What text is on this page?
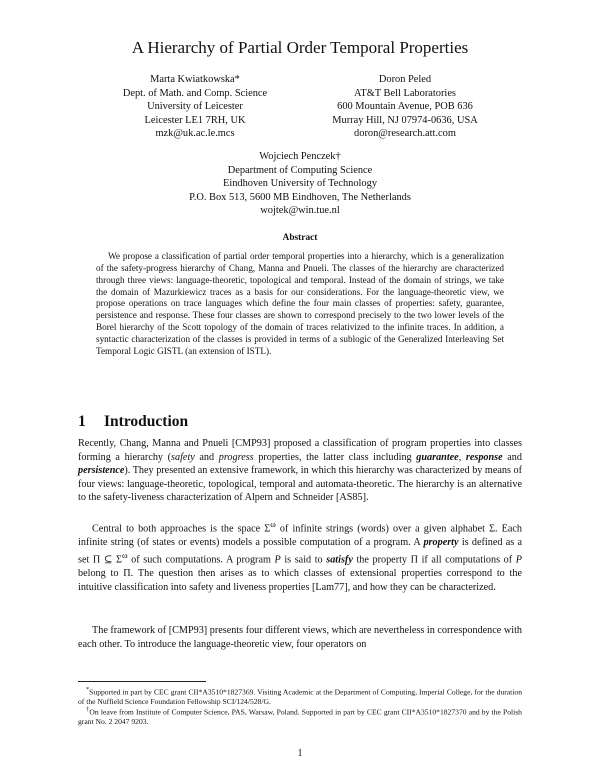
A Hierarchy of Partial Order Temporal Properties
Marta Kwiatkowska*
Dept. of Math. and Comp. Science
University of Leicester
Leicester LE1 7RH, UK
mzk@uk.ac.le.mcs
Doron Peled
AT&T Bell Laboratories
600 Mountain Avenue, POB 636
Murray Hill, NJ 07974-0636, USA
doron@research.att.com
Wojciech Penczek†
Department of Computing Science
Eindhoven University of Technology
P.O. Box 513, 5600 MB Eindhoven, The Netherlands
wojtek@win.tue.nl
Abstract

We propose a classification of partial order temporal properties into a hierarchy, which is a generalization of the safety-progress hierarchy of Chang, Manna and Pnueli. The classes of the hierarchy are characterized through three views: language-theoretic, topological and temporal. Instead of the domain of strings, we take the domain of Mazurkiewicz traces as a basis for our considerations. For the language-theoretic view, we propose operations on trace languages which define the four main classes of properties: safety, guarantee, persistence and response. These four classes are shown to correspond precisely to the two lower levels of the Borel hierarchy of the Scott topology of the domain of traces relativized to the infinite traces. In addition, a syntactic characterization of the classes is provided in terms of a sublogic of the Generalized Interleaving Set Temporal Logic GISTL (an extension of ISTL).

1 Introduction

Recently, Chang, Manna and Pnueli [CMP93] proposed a classification of program properties into classes forming a hierarchy (safety and progress properties, the latter class including guarantee, response and persistence). They presented an extensive framework, in which this hierarchy was characterized by means of four views: language-theoretic, topological, temporal and automata-theoretic. The hierarchy is an alternative to the safety-liveness characterization of Alpern and Schneider [AS85].

Central to both approaches is the space $\Sigma^\omega$ of infinite strings (words) over a given alphabet Σ. Each infinite string (of states or events) models a possible computation of a program. A property is defined as a set Π ⊆ $\Sigma^\omega$ of such computations. A program P is said to satisfy the property Π if all computations of P belong to Π. The question then arises as to which classes of extensional properties correspond to the intuitive classification into safety and liveness properties [Lam77], and how they can be characterized.

The framework of [CMP93] presents four different views, which are nevertheless in correspondence with each other. To introduce the language-theoretic view, four operators on

*Supported in part by CEC grant CII*A3510*1827369. Visiting Academic at the Department of Computing, Imperial College, for the duration of the Nuffield Science Foundation Fellowship SCI/124/528/G.

†On leave from Institute of Computer Science, PAS, Warsaw, Poland. Supported in part by CEC grant CII*A3510*1827370 and by the Polish grant No. 2 2047 9203.

1
